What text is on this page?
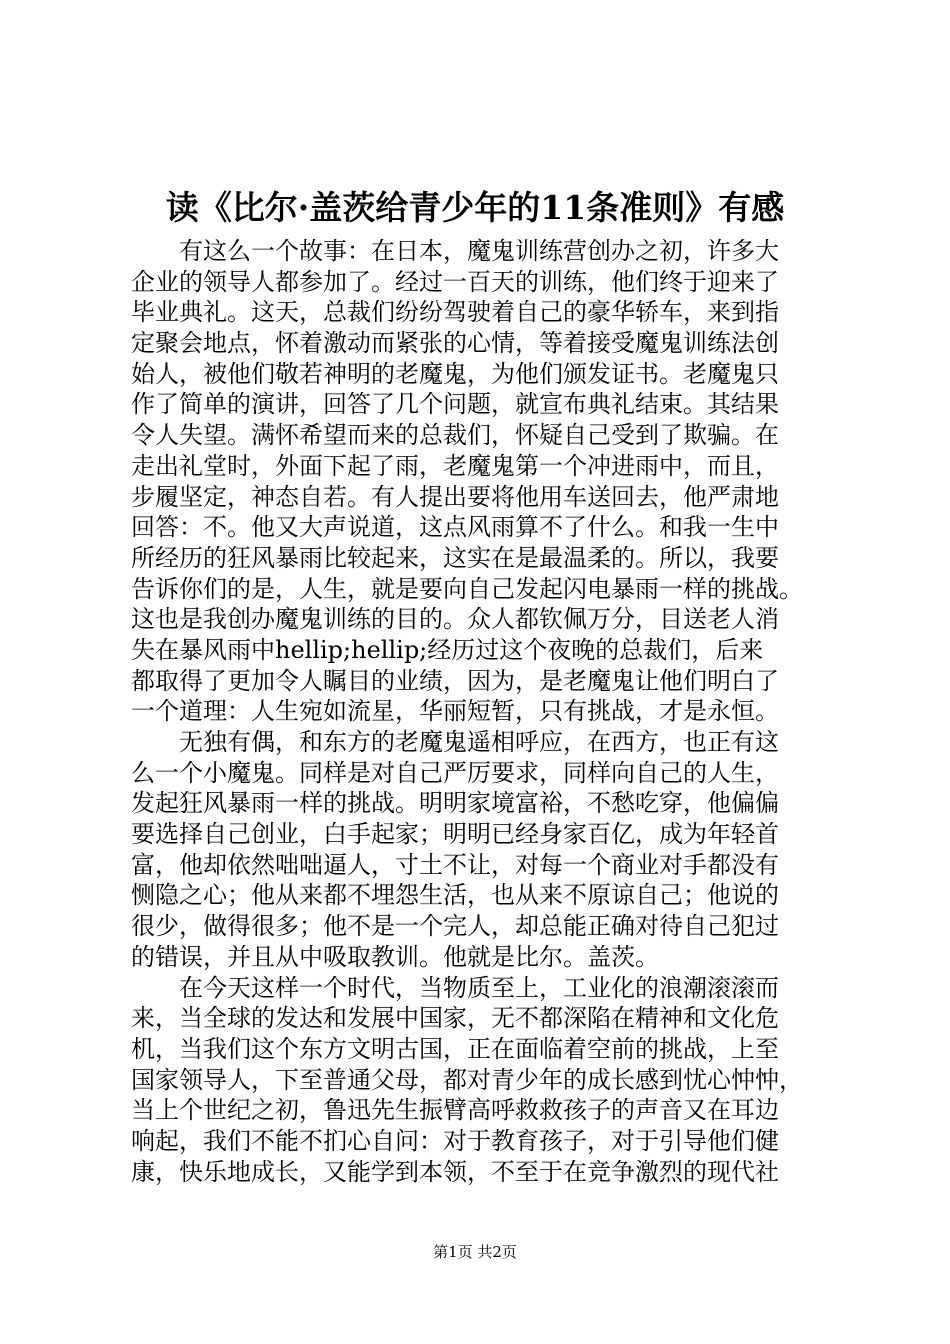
读《比尔·盖茨给青少年的11条准则》有感
有这么一个故事：在日本，魔鬼训练营创办之初，许多大
企业的领导人都参加了。经过一百天的训练，他们终于迎来了
毕业典礼。这天，总裁们纷纷驾驶着自己的豪华轿车，来到指
定聚会地点，怀着激动而紧张的心情，等着接受魔鬼训练法创
始人，被他们敬若神明的老魔鬼，为他们颁发证书。老魔鬼只
作了简单的演讲，回答了几个问题，就宣布典礼结束。其结果
令人失望。满怀希望而来的总裁们，怀疑自己受到了欺骗。在
走出礼堂时，外面下起了雨，老魔鬼第一个冲进雨中，而且，
步履坚定，神态自若。有人提出要将他用车送回去，他严肃地
回答：不。他又大声说道，这点风雨算不了什么。和我一生中
所经历的狂风暴雨比较起来，这实在是最温柔的。所以，我要
告诉你们的是，人生，就是要向自己发起闪电暴雨一样的挑战。
这也是我创办魔鬼训练的目的。众人都钦佩万分，目送老人消
失在暴风雨中hellip;hellip;经历过这个夜晚的总裁们，后来
都取得了更加令人瞩目的业绩，因为，是老魔鬼让他们明白了
一个道理：人生宛如流星，华丽短暂，只有挑战，才是永恒。
无独有偶，和东方的老魔鬼遥相呼应，在西方，也正有这
么一个小魔鬼。同样是对自己严厉要求，同样向自己的人生，
发起狂风暴雨一样的挑战。明明家境富裕，不愁吃穿，他偏偏
要选择自己创业，白手起家；明明已经身家百亿，成为年轻首
富，他却依然咄咄逼人，寸土不让，对每一个商业对手都没有
恻隐之心；他从来都不埋怨生活，也从来不原谅自己；他说的
很少，做得很多；他不是一个完人，却总能正确对待自己犯过
的错误，并且从中吸取教训。他就是比尔。盖茨。
在今天这样一个时代，当物质至上，工业化的浪潮滚滚而
来，当全球的发达和发展中国家，无不都深陷在精神和文化危
机，当我们这个东方文明古国，正在面临着空前的挑战，上至
国家领导人，下至普通父母，都对青少年的成长感到忧心忡忡，
当上个世纪之初，鲁迅先生振臂高呼救救孩子的声音又在耳边
响起，我们不能不扪心自问：对于教育孩子，对于引导他们健
康，快乐地成长，又能学到本领，不至于在竞争激烈的现代社
第1页 共2页
